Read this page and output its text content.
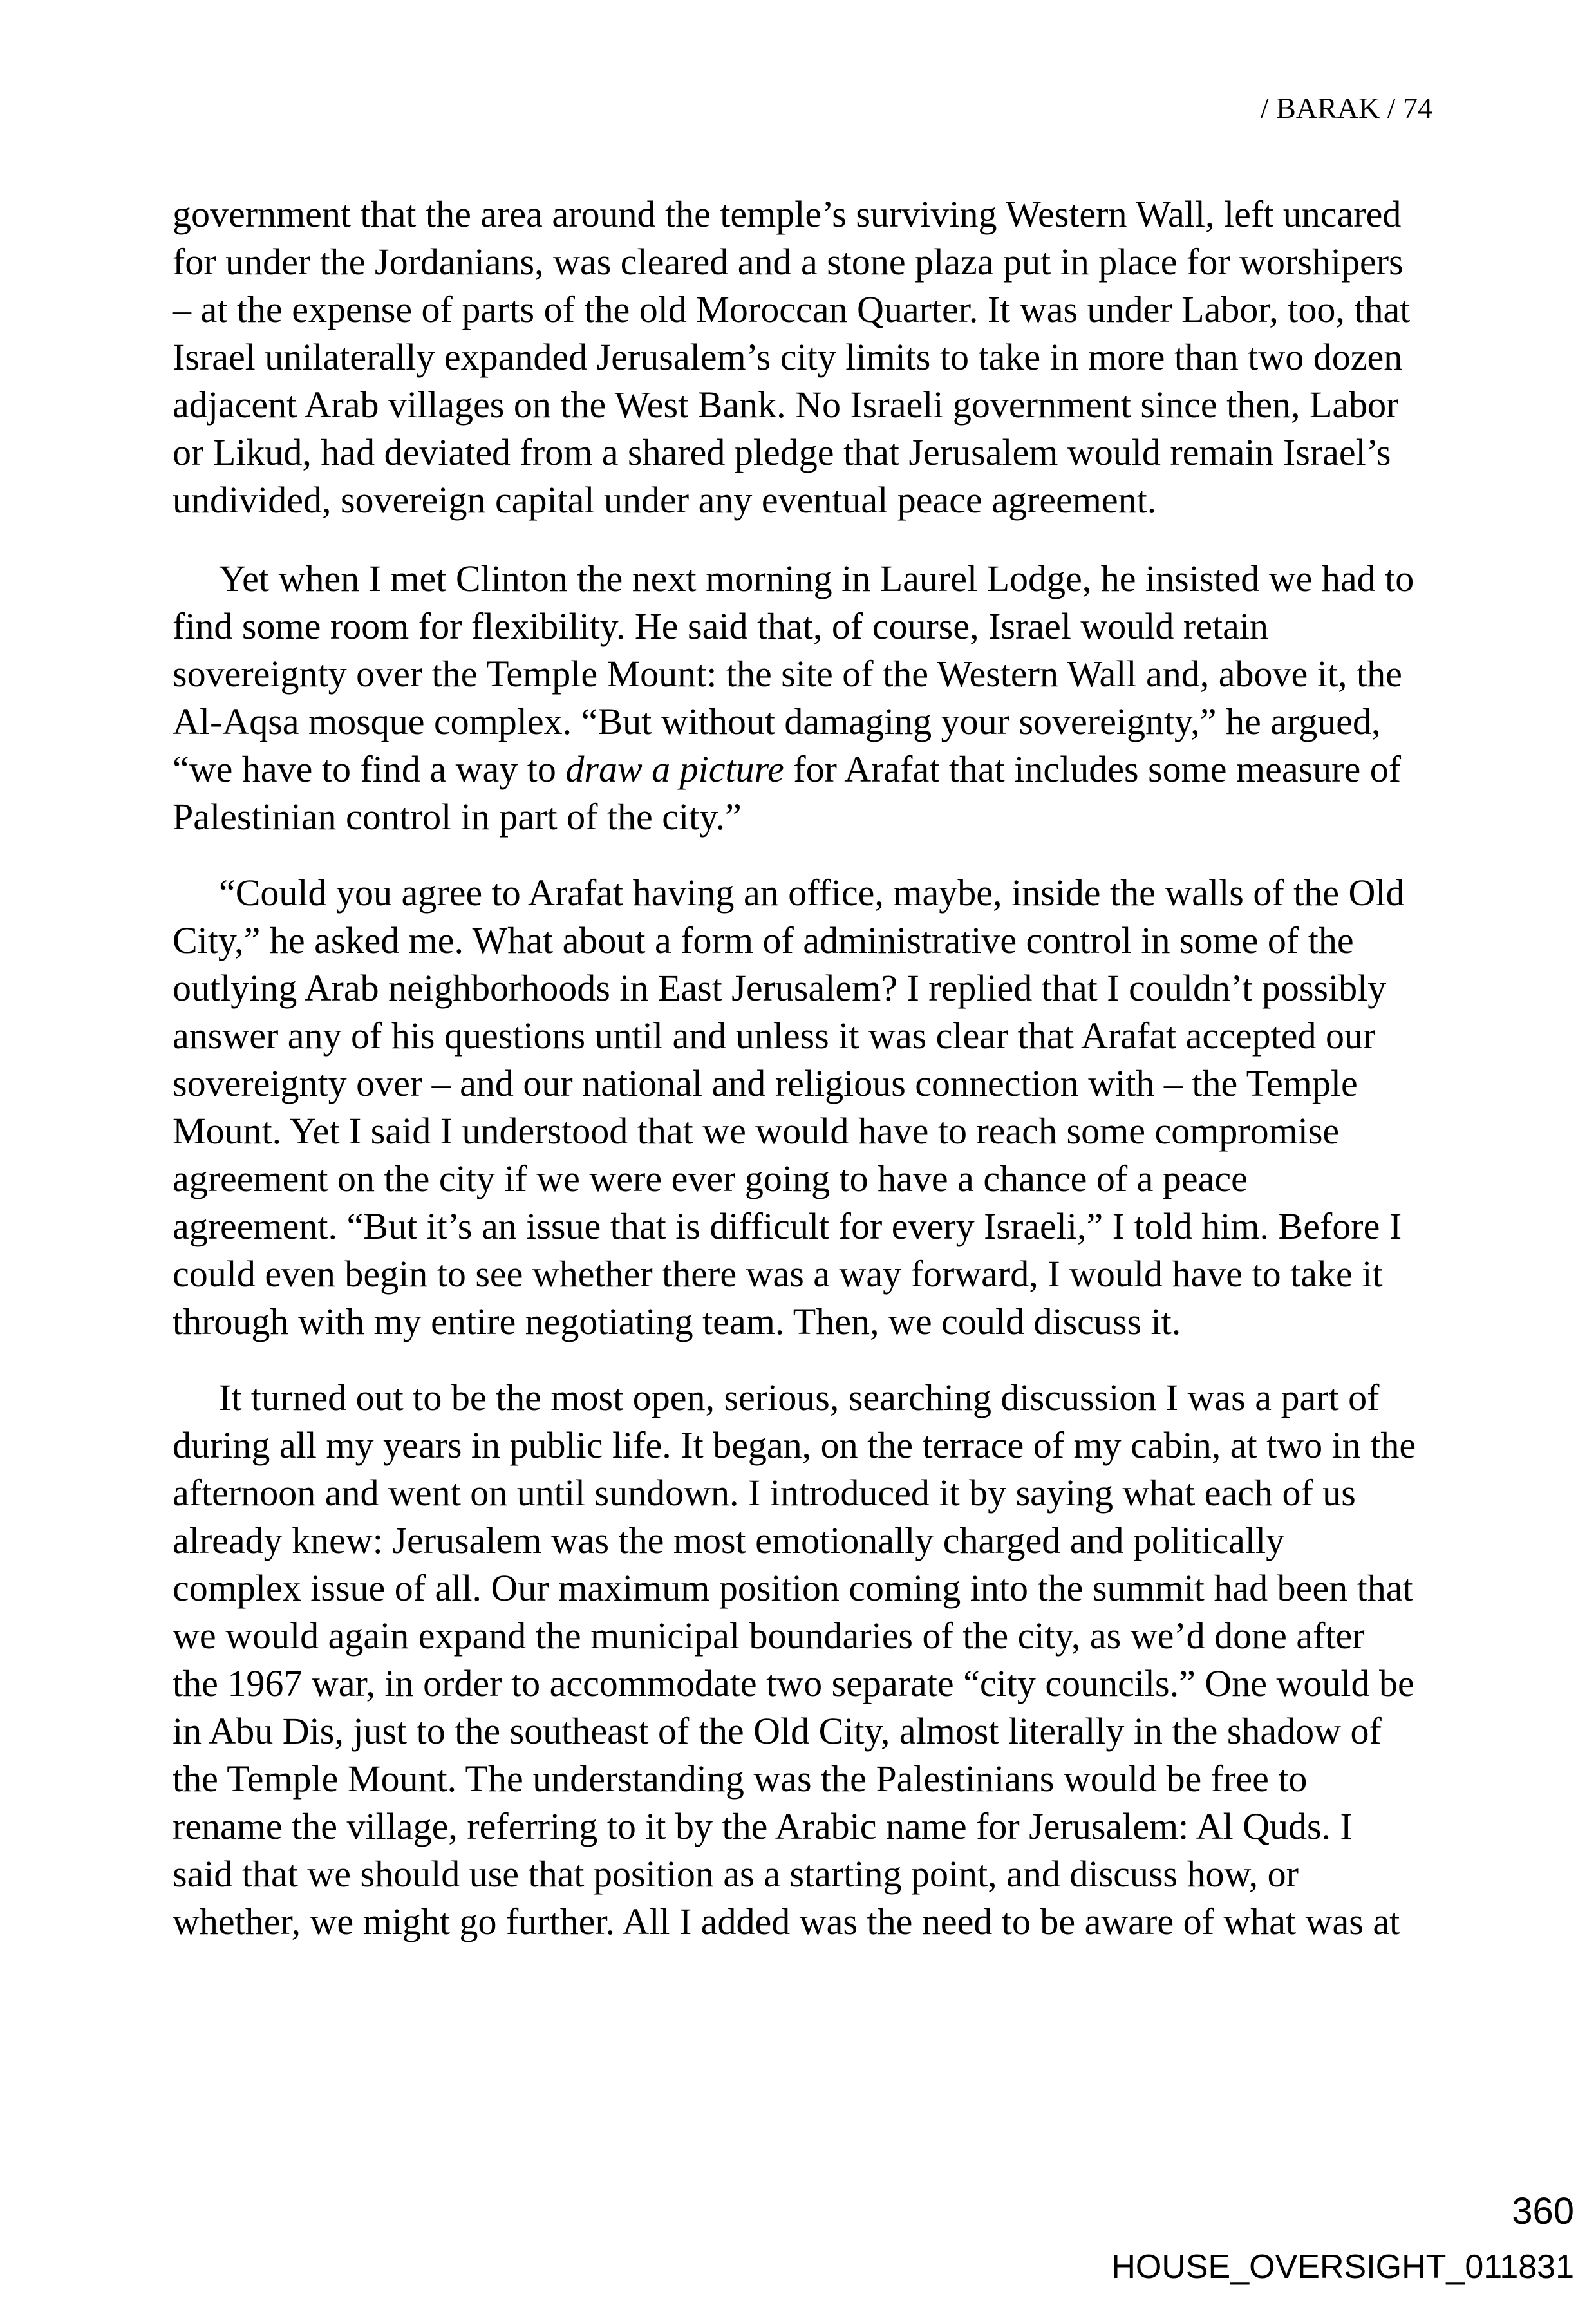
/ BARAK / 74
government that the area around the temple’s surviving Western Wall, left uncared
for under the Jordanians, was cleared and a stone plaza put in place for worshipers
– at the expense of parts of the old Moroccan Quarter. It was under Labor, too, that
Israel unilaterally expanded Jerusalem’s city limits to take in more than two dozen
adjacent Arab villages on the West Bank. No Israeli government since then, Labor
or Likud, had deviated from a shared pledge that Jerusalem would remain Israel’s
undivided, sovereign capital under any eventual peace agreement.
Yet when I met Clinton the next morning in Laurel Lodge, he insisted we had to
find some room for flexibility. He said that, of course, Israel would retain
sovereignty over the Temple Mount: the site of the Western Wall and, above it, the
Al-Aqsa mosque complex. “But without damaging your sovereignty,” he argued,
“we have to find a way to draw a picture for Arafat that includes some measure of
Palestinian control in part of the city.”
“Could you agree to Arafat having an office, maybe, inside the walls of the Old
City,” he asked me. What about a form of administrative control in some of the
outlying Arab neighborhoods in East Jerusalem? I replied that I couldn’t possibly
answer any of his questions until and unless it was clear that Arafat accepted our
sovereignty over – and our national and religious connection with – the Temple
Mount. Yet I said I understood that we would have to reach some compromise
agreement on the city if we were ever going to have a chance of a peace
agreement. “But it’s an issue that is difficult for every Israeli,” I told him. Before I
could even begin to see whether there was a way forward, I would have to take it
through with my entire negotiating team. Then, we could discuss it.
It turned out to be the most open, serious, searching discussion I was a part of
during all my years in public life. It began, on the terrace of my cabin, at two in the
afternoon and went on until sundown. I introduced it by saying what each of us
already knew: Jerusalem was the most emotionally charged and politically
complex issue of all. Our maximum position coming into the summit had been that
we would again expand the municipal boundaries of the city, as we’d done after
the 1967 war, in order to accommodate two separate “city councils.” One would be
in Abu Dis, just to the southeast of the Old City, almost literally in the shadow of
the Temple Mount. The understanding was the Palestinians would be free to
rename the village, referring to it by the Arabic name for Jerusalem: Al Quds. I
said that we should use that position as a starting point, and discuss how, or
whether, we might go further. All I added was the need to be aware of what was at
360
HOUSE_OVERSIGHT_011831
